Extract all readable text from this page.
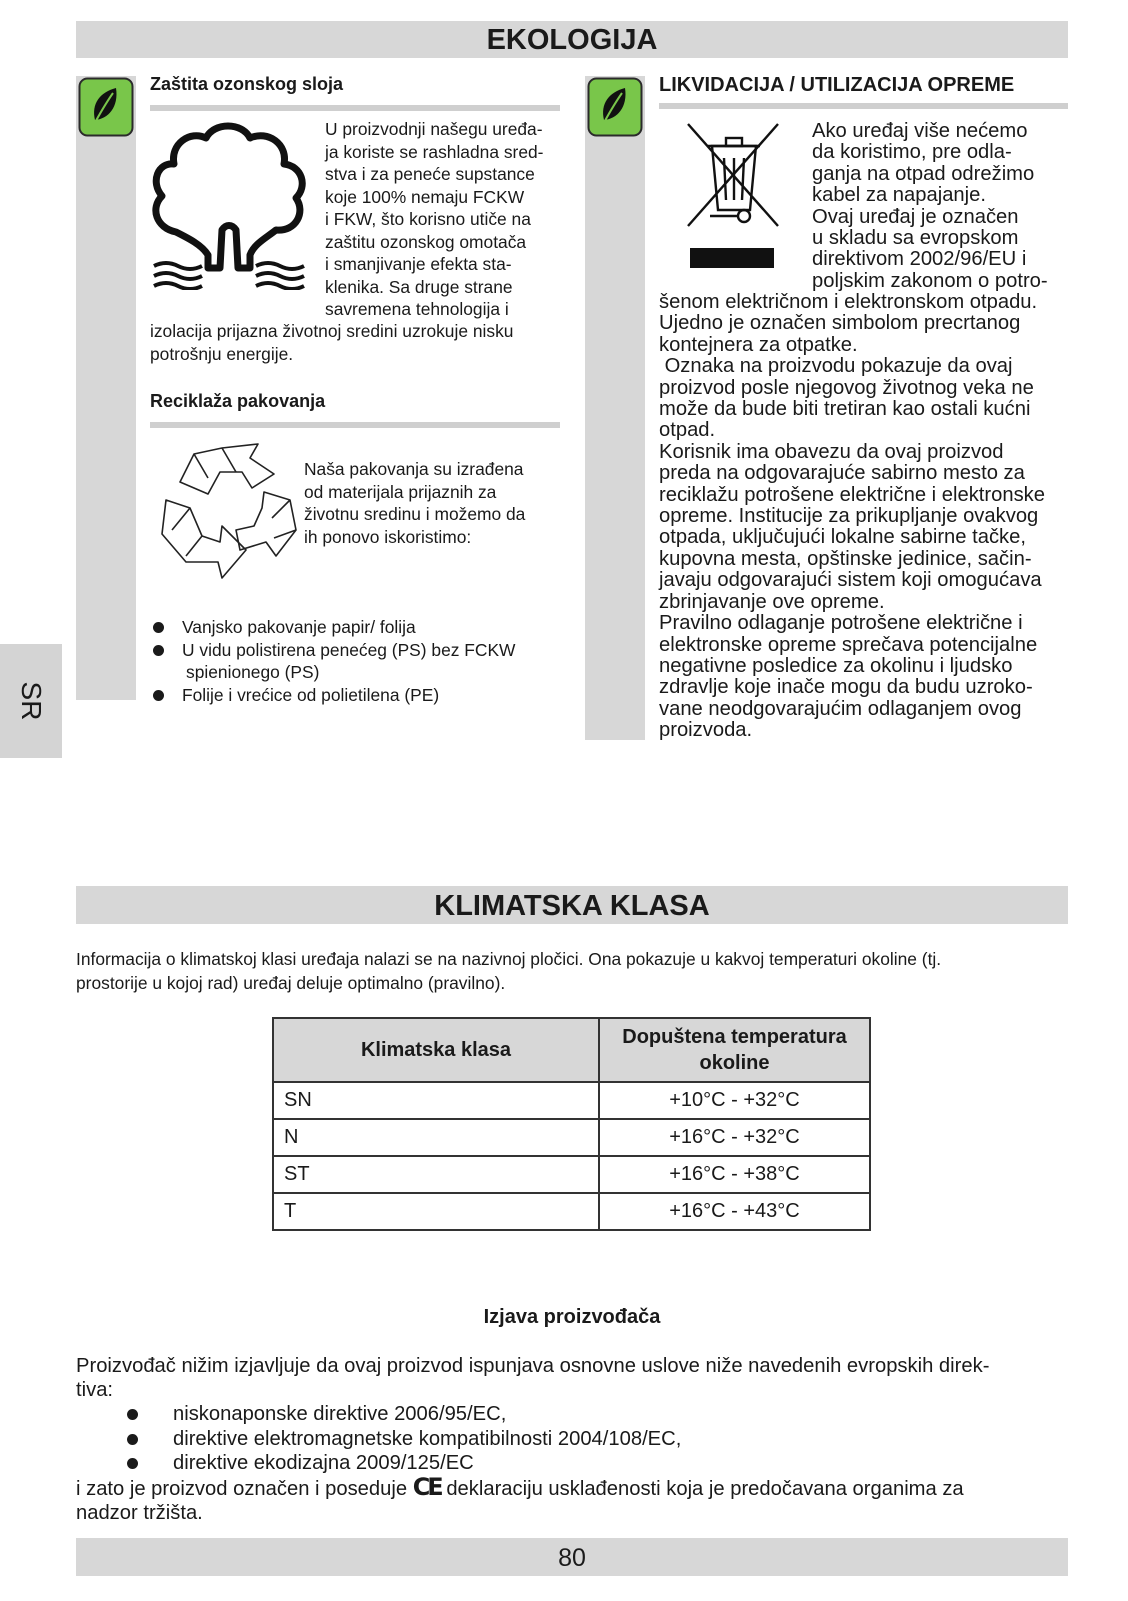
EKOLOGIJA
Zaštita ozonskog sloja

U proizvodnji našegu uređa-

ja koriste se rashladna sred-

stva i za peneće supstance

koje 100% nemaju FCKW

i FKW, što korisno utiče na

zaštitu ozonskog omotača

i smanjivanje efekta sta-

klenika. Sa druge strane

savremena tehnologija i

izolacija prijazna životnoj sredini uzrokuje nisku

potrošnju energije.

Reciklaža pakovanja

Naša pakovanja su izrađena

od materijala prijaznih za

životnu sredinu i možemo da

ih ponovo iskoristimo:

Vanjsko pakovanje papir/ folija
U vidu polistirena penećeg (PS) bez FCKW
spienionego (PS)
Folije i vrećice od polietilena (PE)
LIKVIDACIJA / UTILIZACIJA OPREME

Ako uređaj više nećemo

da koristimo, pre odla-

ganja na otpad odrežimo

kabel za napajanje.

Ovaj uređaj je označen

u skladu sa evropskom

direktivom 2002/96/EU i

poljskim zakonom o potro-

šenom električnom i elektronskom otpadu.

Ujedno je označen simbolom precrtanog

kontejnera za otpatke.

Oznaka na proizvodu pokazuje da ovaj

proizvod posle njegovog životnog veka ne

može da bude biti tretiran kao ostali kućni

otpad.

Korisnik ima obavezu da ovaj proizvod

preda na odgovarajuće sabirno mesto za

reciklažu potrošene električne i elektronske

opreme. Institucije za prikupljanje ovakvog

otpada, uključujući lokalne sabirne tačke,

kupovna mesta, opštinske jedinice, sačin-

javaju odgovarajući sistem koji omogućava

zbrinjavanje ove opreme.

Pravilno odlaganje potrošene električne i

elektronske opreme sprečava potencijalne

negativne posledice za okolinu i ljudsko

zdravlje koje inače mogu da budu uzroko-

vane neodgovarajućim odlaganjem ovog

proizvoda.

SR
KLIMATSKA KLASA

Informacija o klimatskoj klasi uređaja nalazi se na nazivnoj pločici. Ona pokazuje u kakvoj temperaturi okoline (tj.

prostorije u kojoj rad) uređaj deluje optimalno (pravilno).

Klimatska klasa	Dopuštena temperatura okoline
SN	+10°C - +32°C
N	+16°C - +32°C
ST	+16°C - +38°C
T	+16°C - +43°C
Izjava proizvođača

Proizvođač nižim izjavljuje da ovaj proizvod ispunjava osnovne uslove niže navedenih evropskih direk-

tiva:

niskonaponske direktive 2006/95/EC,
direktive elektromagnetske kompatibilnosti 2004/108/EC,
direktive ekodizajna 2009/125/EC

i zato je proizvod označen i poseduje CE deklaraciju usklađenosti koja je predočavana organima za

nadzor tržišta.

80
